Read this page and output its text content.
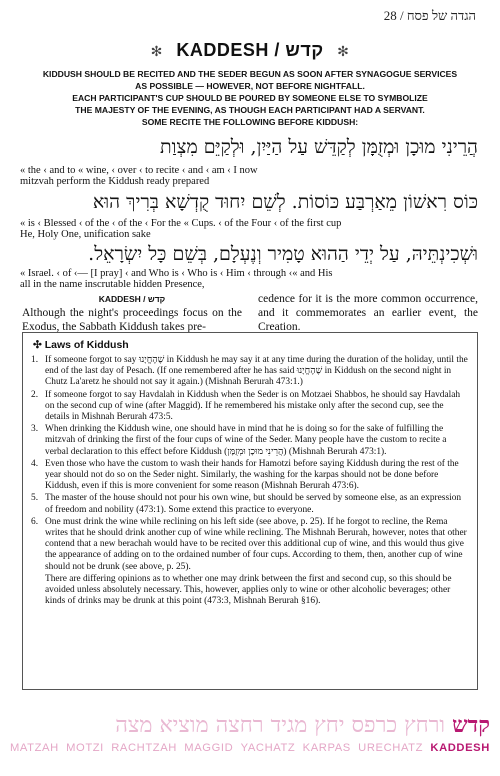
הגדה של פסח / 28
✻ KADDESH / קדש ✻
KIDDUSH SHOULD BE RECITED AND THE SEDER BEGUN AS SOON AFTER SYNAGOGUE SERVICES
AS POSSIBLE — HOWEVER, NOT BEFORE NIGHTFALL.
EACH PARTICIPANT'S CUP SHOULD BE POURED BY SOMEONE ELSE TO SYMBOLIZE
THE MAJESTY OF THE EVENING, AS THOUGH EACH PARTICIPANT HAD A SERVANT.
SOME RECITE THE FOLLOWING BEFORE KIDDUSH:
הֲרֵינִי מוּכָן וּמְזֻמָּן לְקַדֵּשׁ עַל הַיַּיִן, וּלְקַיֵּם מִצְוַת
« the ‹ and to « wine, ‹ over ‹ to recite ‹ and ‹ am ‹ I now
mitzvah perform the Kiddush ready prepared
כּוֹס רִאשׁוֹן מֵאַרְבַּע כּוֹסוֹת. לְשֵׁם יִחוּד קֻדְשָׁא בְּרִיךְ הוּא
« is ‹ Blessed ‹ of the ‹ of the ‹ For the « Cups. ‹ of the Four ‹ of the first cup
He, Holy One, unification sake
וּשְׁכִינְתֵּיהּ, עַל יְדֵי הַהוּא טָמִיר וְנֶעְלָם, בְּשֵׁם כָּל יִשְׂרָאֵל.
« Israel. ‹ of ‹— [I pray] ‹ and Who is ‹ Who is ‹ Him ‹ through ‹« and His
all in the name inscrutable hidden Presence,
KADDESH / קדש
Although the night's proceedings focus on the Exodus, the Sabbath Kiddush takes pre-
cedence for it is the more common occurrence, and it commemorates an earlier event, the Creation.
✣ Laws of Kiddush
1. If someone forgot to say שֶׁהֶחֱיָנוּ in Kiddush he may say it at any time during the duration of the holiday, until the end of the last day of Pesach. (If one remembered after he has said שֶׁהֶחֱיָנוּ in Kiddush on the second night in Chutz La'aretz he should not say it again.) (Mishnah Berurah 473:1.)
2. If someone forgot to say Havdalah in Kiddush when the Seder is on Motzaei Shabbos, he should say Havdalah on the second cup of wine (after Maggid). If he remembered his mistake only after the second cup, see the details in Mishnah Berurah 473:5.
3. When drinking the Kiddush wine, one should have in mind that he is doing so for the sake of fulfilling the mitzvah of drinking the first of the four cups of wine of the Seder. Many people have the custom to recite a verbal declaration to this effect before Kiddush (הֲרֵינִי מוּכָן וּמְזֻמָּן) (Mishnah Berurah 473:1).
4. Even those who have the custom to wash their hands for Hamotzi before saying Kiddush during the rest of the year should not do so on the Seder night. Similarly, the washing for the karpas should not be done before Kiddush, even if this is more convenient for some reason (Mishnah Berurah 473:6).
5. The master of the house should not pour his own wine, but should be served by someone else, as an expression of freedom and nobility (473:1). Some extend this practice to everyone.
6. One must drink the wine while reclining on his left side (see above, p. 25). If he forgot to recline, the Rema writes that he should drink another cup of wine while reclining. The Mishnah Berurah, however, notes that other contend that a new berachah would have to be recited over this additional cup of wine, and this would thus give the appearance of adding on to the ordained number of four cups. According to them, then, another cup of wine should not be drunk (see above, p. 25).
There are differing opinions as to whether one may drink between the first and second cup, so this should be avoided unless absolutely necessary. This, however, applies only to wine or other alcoholic beverages; other kinds of drinks may be drunk at this point (473:3, Mishnah Berurah §16).
קדש ורחץ כרפס יחץ מגיד רחצה מוציא מצה
MATZAH MOTZI RACHTZAH MAGGID YACHATZ KARPAS URECHATZ KADDESH
